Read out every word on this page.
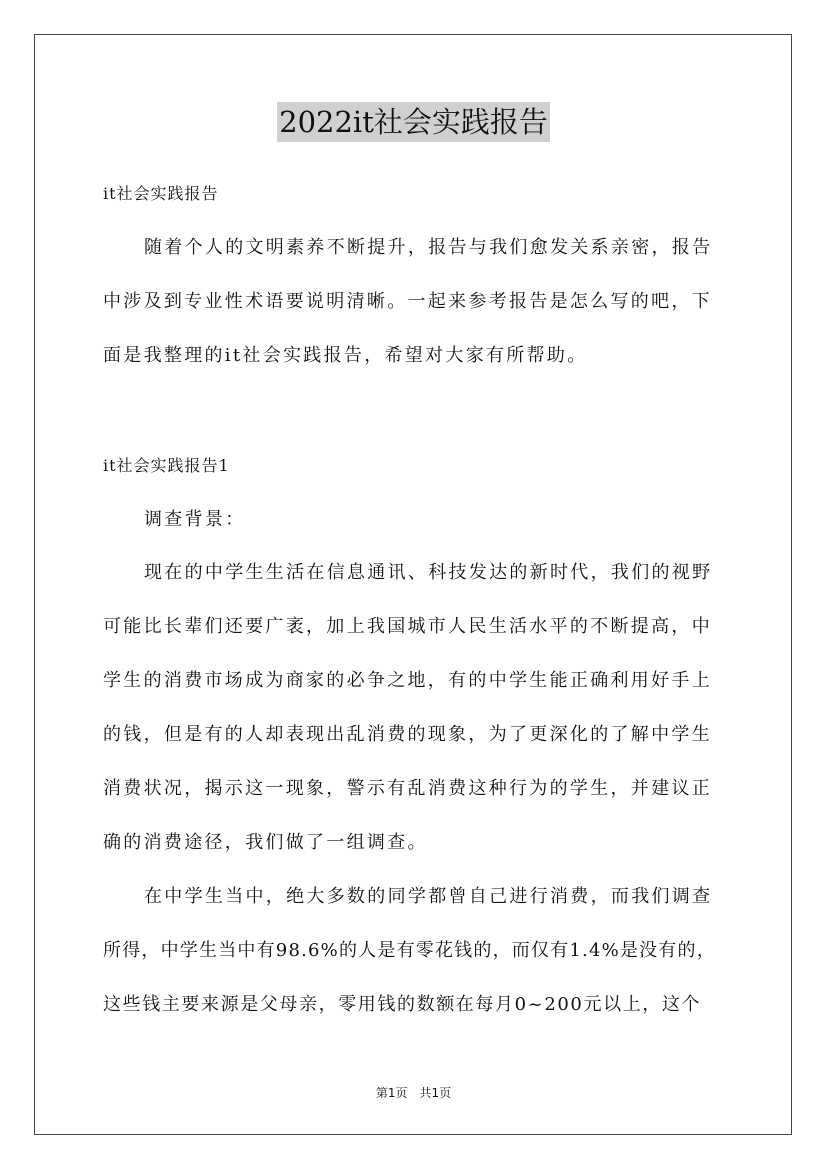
2022it社会实践报告
it社会实践报告
随着个人的文明素养不断提升，报告与我们愈发关系亲密，报告
中涉及到专业性术语要说明清晰。一起来参考报告是怎么写的吧，下
面是我整理的it社会实践报告，希望对大家有所帮助。
it社会实践报告1
调查背景：
现在的中学生生活在信息通讯、科技发达的新时代，我们的视野
可能比长辈们还要广袤，加上我国城市人民生活水平的不断提高，中
学生的消费市场成为商家的必争之地，有的中学生能正确利用好手上
的钱，但是有的人却表现出乱消费的现象，为了更深化的了解中学生
消费状况，揭示这一现象，警示有乱消费这种行为的学生，并建议正
确的消费途径，我们做了一组调查。
在中学生当中，绝大多数的同学都曾自己进行消费，而我们调查
所得，中学生当中有98.6%的人是有零花钱的，而仅有1.4%是没有的，
这些钱主要来源是父母亲，零用钱的数额在每月0~200元以上，这个
第1页　共1页
